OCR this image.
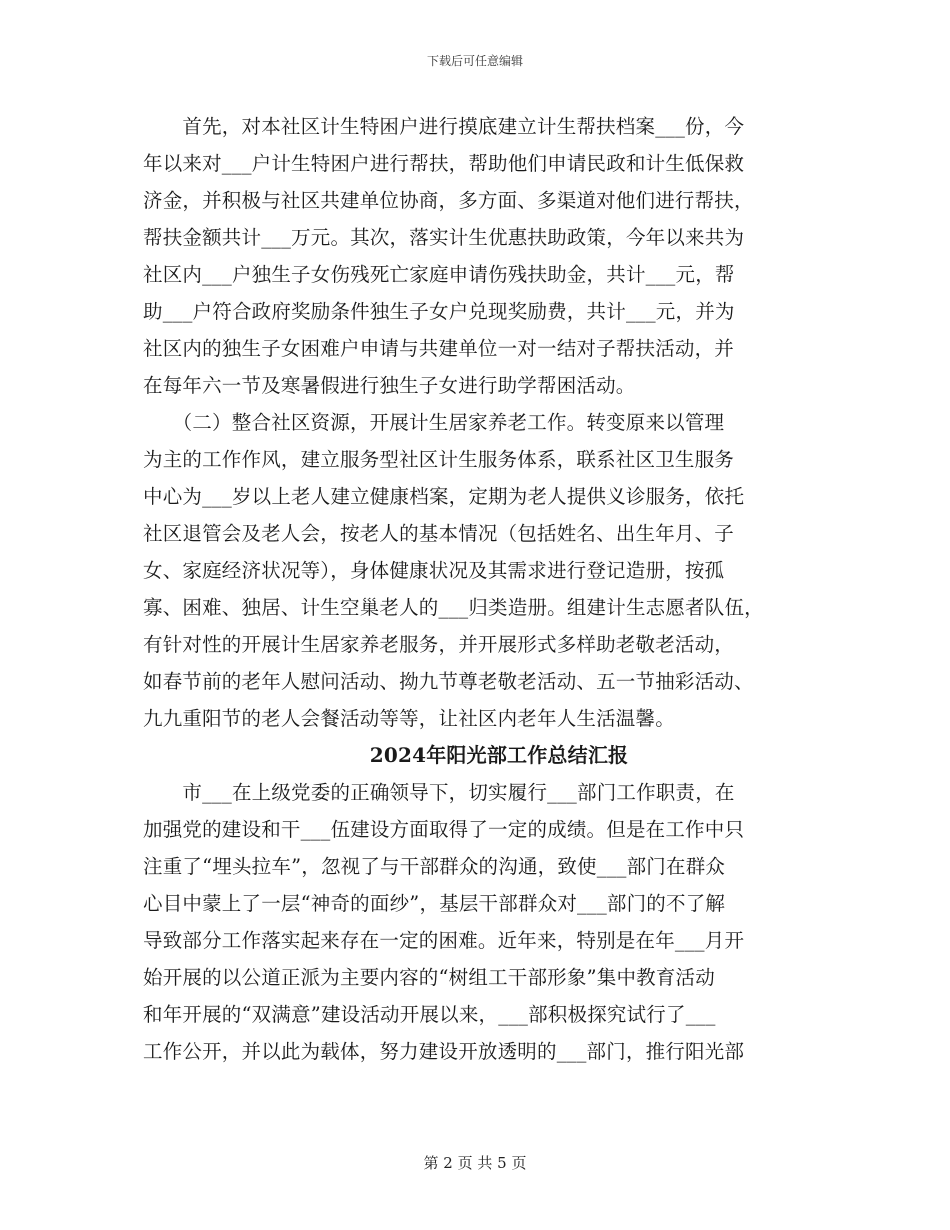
下载后可任意编辑
　　首先，对本社区计生特困户进行摸底建立计生帮扶档案___份，今
年以来对___户计生特困户进行帮扶，帮助他们申请民政和计生低保救
济金，并积极与社区共建单位协商，多方面、多渠道对他们进行帮扶，
帮扶金额共计___万元。其次，落实计生优惠扶助政策，今年以来共为
社区内___户独生子女伤残死亡家庭申请伤残扶助金，共计___元，帮
助___户符合政府奖励条件独生子女户兑现奖励费，共计___元，并为
社区内的独生子女困难户申请与共建单位一对一结对子帮扶活动，并
在每年六一节及寒暑假进行独生子女进行助学帮困活动。
　　（二）整合社区资源，开展计生居家养老工作。转变原来以管理
为主的工作作风，建立服务型社区计生服务体系，联系社区卫生服务
中心为___岁以上老人建立健康档案，定期为老人提供义诊服务，依托
社区退管会及老人会，按老人的基本情况（包括姓名、出生年月、子
女、家庭经济状况等），身体健康状况及其需求进行登记造册，按孤
寡、困难、独居、计生空巢老人的___归类造册。组建计生志愿者队伍，
有针对性的开展计生居家养老服务，并开展形式多样助老敬老活动，
如春节前的老年人慰问活动、拗九节尊老敬老活动、五一节抽彩活动、
九九重阳节的老人会餐活动等等，让社区内老年人生活温馨。
2024年阳光部工作总结汇报
　　市___在上级党委的正确领导下，切实履行___部门工作职责，在
加强党的建设和干___伍建设方面取得了一定的成绩。但是在工作中只
注重了“埋头拉车”，忽视了与干部群众的沟通，致使___部门在群众
心目中蒙上了一层“神奇的面纱”，基层干部群众对___部门的不了解
导致部分工作落实起来存在一定的困难。近年来，特别是在年___月开
始开展的以公道正派为主要内容的“树组工干部形象”集中教育活动
和年开展的“双满意”建设活动开展以来，___部积极探究试行了___
工作公开，并以此为载体，努力建设开放透明的___部门，推行阳光部
第 2 页 共 5 页
